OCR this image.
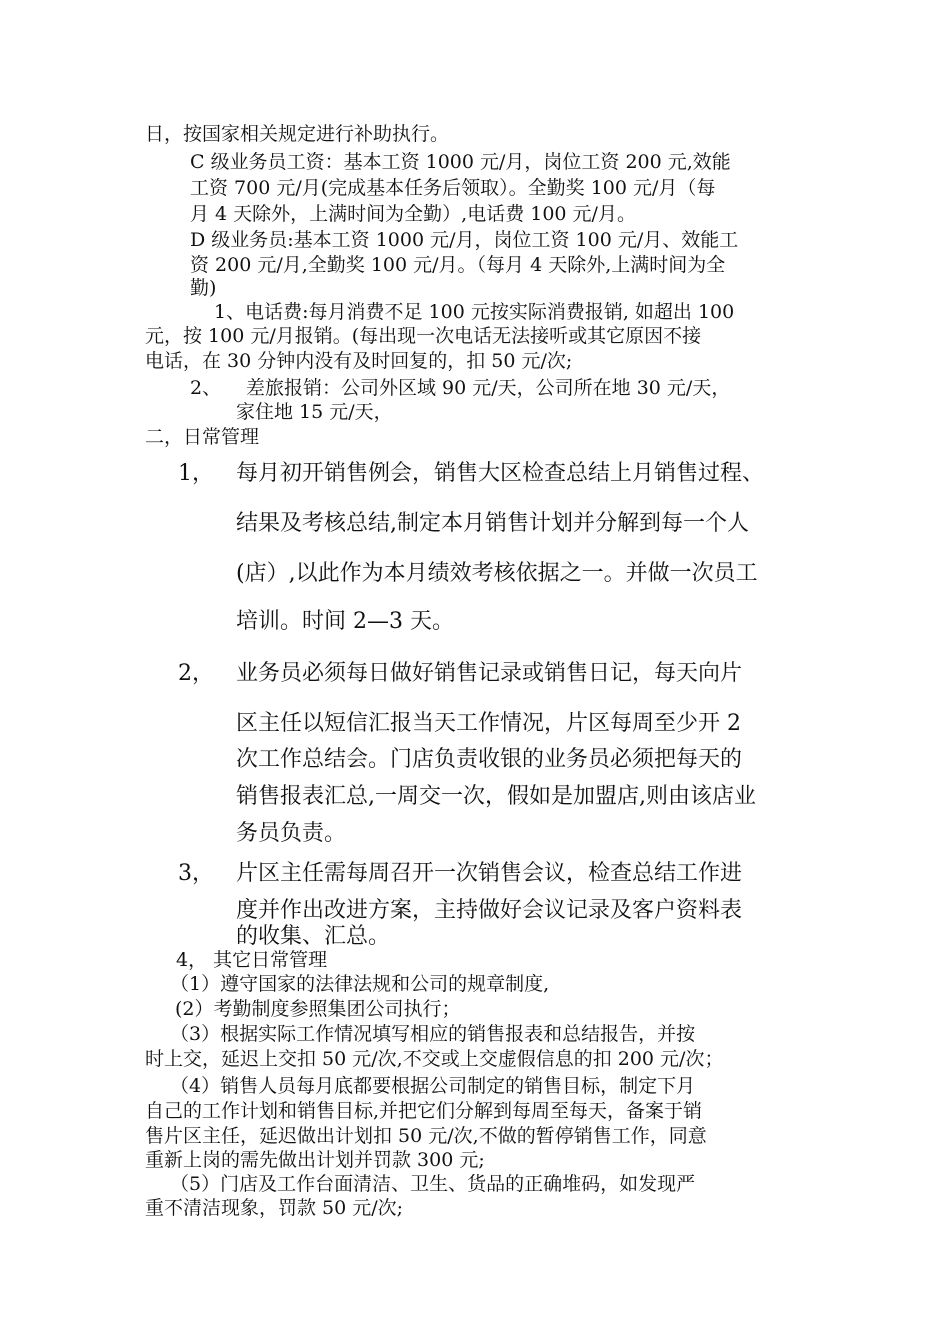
日，按国家相关规定进行补助执行。
C 级业务员工资：基本工资 1000 元/月，岗位工资 200 元,效能
工资 700 元/月(完成基本任务后领取）。全勤奖 100 元/月（每
月 4 天除外，上满时间为全勤）,电话费 100 元/月。
D 级业务员:基本工资 1000 元/月，岗位工资 100 元/月、效能工
资 200 元/月,全勤奖 100 元/月。（每月 4 天除外,上满时间为全
勤)
1、电话费:每月消费不足 100 元按实际消费报销, 如超出 100
元，按 100 元/月报销。(每出现一次电话无法接听或其它原因不接
电话，在 30 分钟内没有及时回复的，扣 50 元/次;
2、 差旅报销：公司外区域 90 元/天，公司所在地 30 元/天，
家住地 15 元/天，
二，日常管理
1， 每月初开销售例会，销售大区检查总结上月销售过程、
结果及考核总结,制定本月销售计划并分解到每一个人
(店）,以此作为本月绩效考核依据之一。并做一次员工
培训。时间 2—3 天。
2， 业务员必须每日做好销售记录或销售日记，每天向片
区主任以短信汇报当天工作情况，片区每周至少开 2
次工作总结会。门店负责收银的业务员必须把每天的
销售报表汇总,一周交一次，假如是加盟店,则由该店业
务员负责。
3， 片区主任需每周召开一次销售会议，检查总结工作进
度并作出改进方案，主持做好会议记录及客户资料表
的收集、汇总。
4， 其它日常管理
（1）遵守国家的法律法规和公司的规章制度,
(2）考勤制度参照集团公司执行；
（3）根据实际工作情况填写相应的销售报表和总结报告，并按
时上交，延迟上交扣 50 元/次,不交或上交虚假信息的扣 200 元/次；
（4）销售人员每月底都要根据公司制定的销售目标，制定下月
自己的工作计划和销售目标,并把它们分解到每周至每天，备案于销
售片区主任，延迟做出计划扣 50 元/次,不做的暂停销售工作，同意
重新上岗的需先做出计划并罚款 300 元;
（5）门店及工作台面清洁、卫生、货品的正确堆码，如发现严
重不清洁现象，罚款 50 元/次;
